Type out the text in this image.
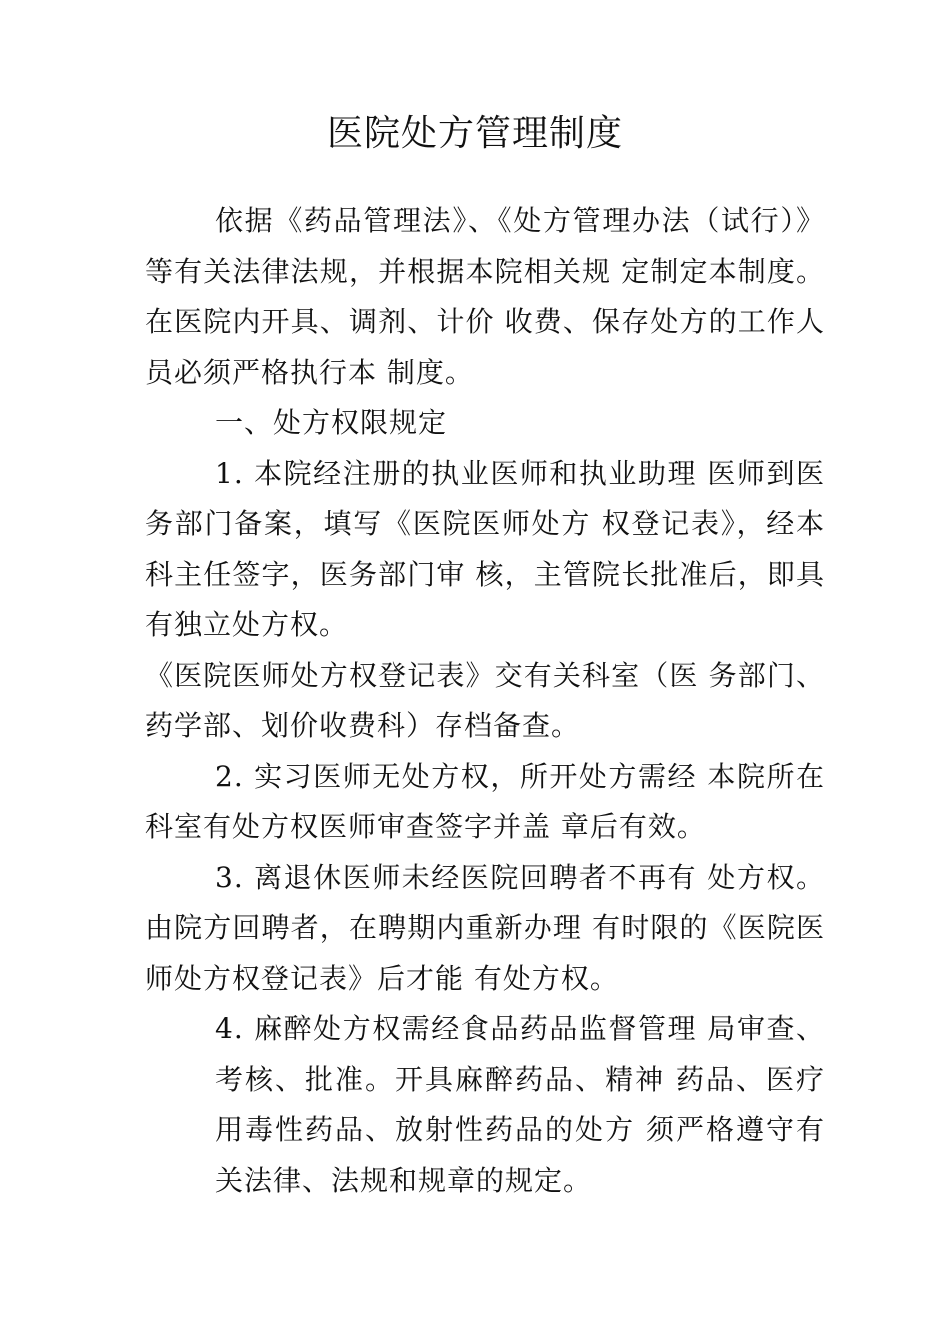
医院处方管理制度

依据《药品管理法》、《处方管理办法（试行）》等有关法律法规，并根据本院相关规 定制定本制度。在医院内开具、调剂、计价 收费、保存处方的工作人员必须严格执行本 制度。

一、处方权限规定

1. 本院经注册的执业医师和执业助理 医师到医务部门备案，填写《医院医师处方 权登记表》，经本科主任签字，医务部门审 核，主管院长批准后，即具有独立处方权。

《医院医师处方权登记表》交有关科室（医 务部门、药学部、划价收费科）存档备查。

2. 实习医师无处方权，所开处方需经 本院所在科室有处方权医师审查签字并盖 章后有效。

3. 离退休医师未经医院回聘者不再有 处方权。由院方回聘者，在聘期内重新办理 有时限的《医院医师处方权登记表》后才能 有处方权。

4. 麻醉处方权需经食品药品监督管理 局审查、考核、批准。开具麻醉药品、精神 药品、医疗用毒性药品、放射性药品的处方 须严格遵守有关法律、法规和规章的规定。
